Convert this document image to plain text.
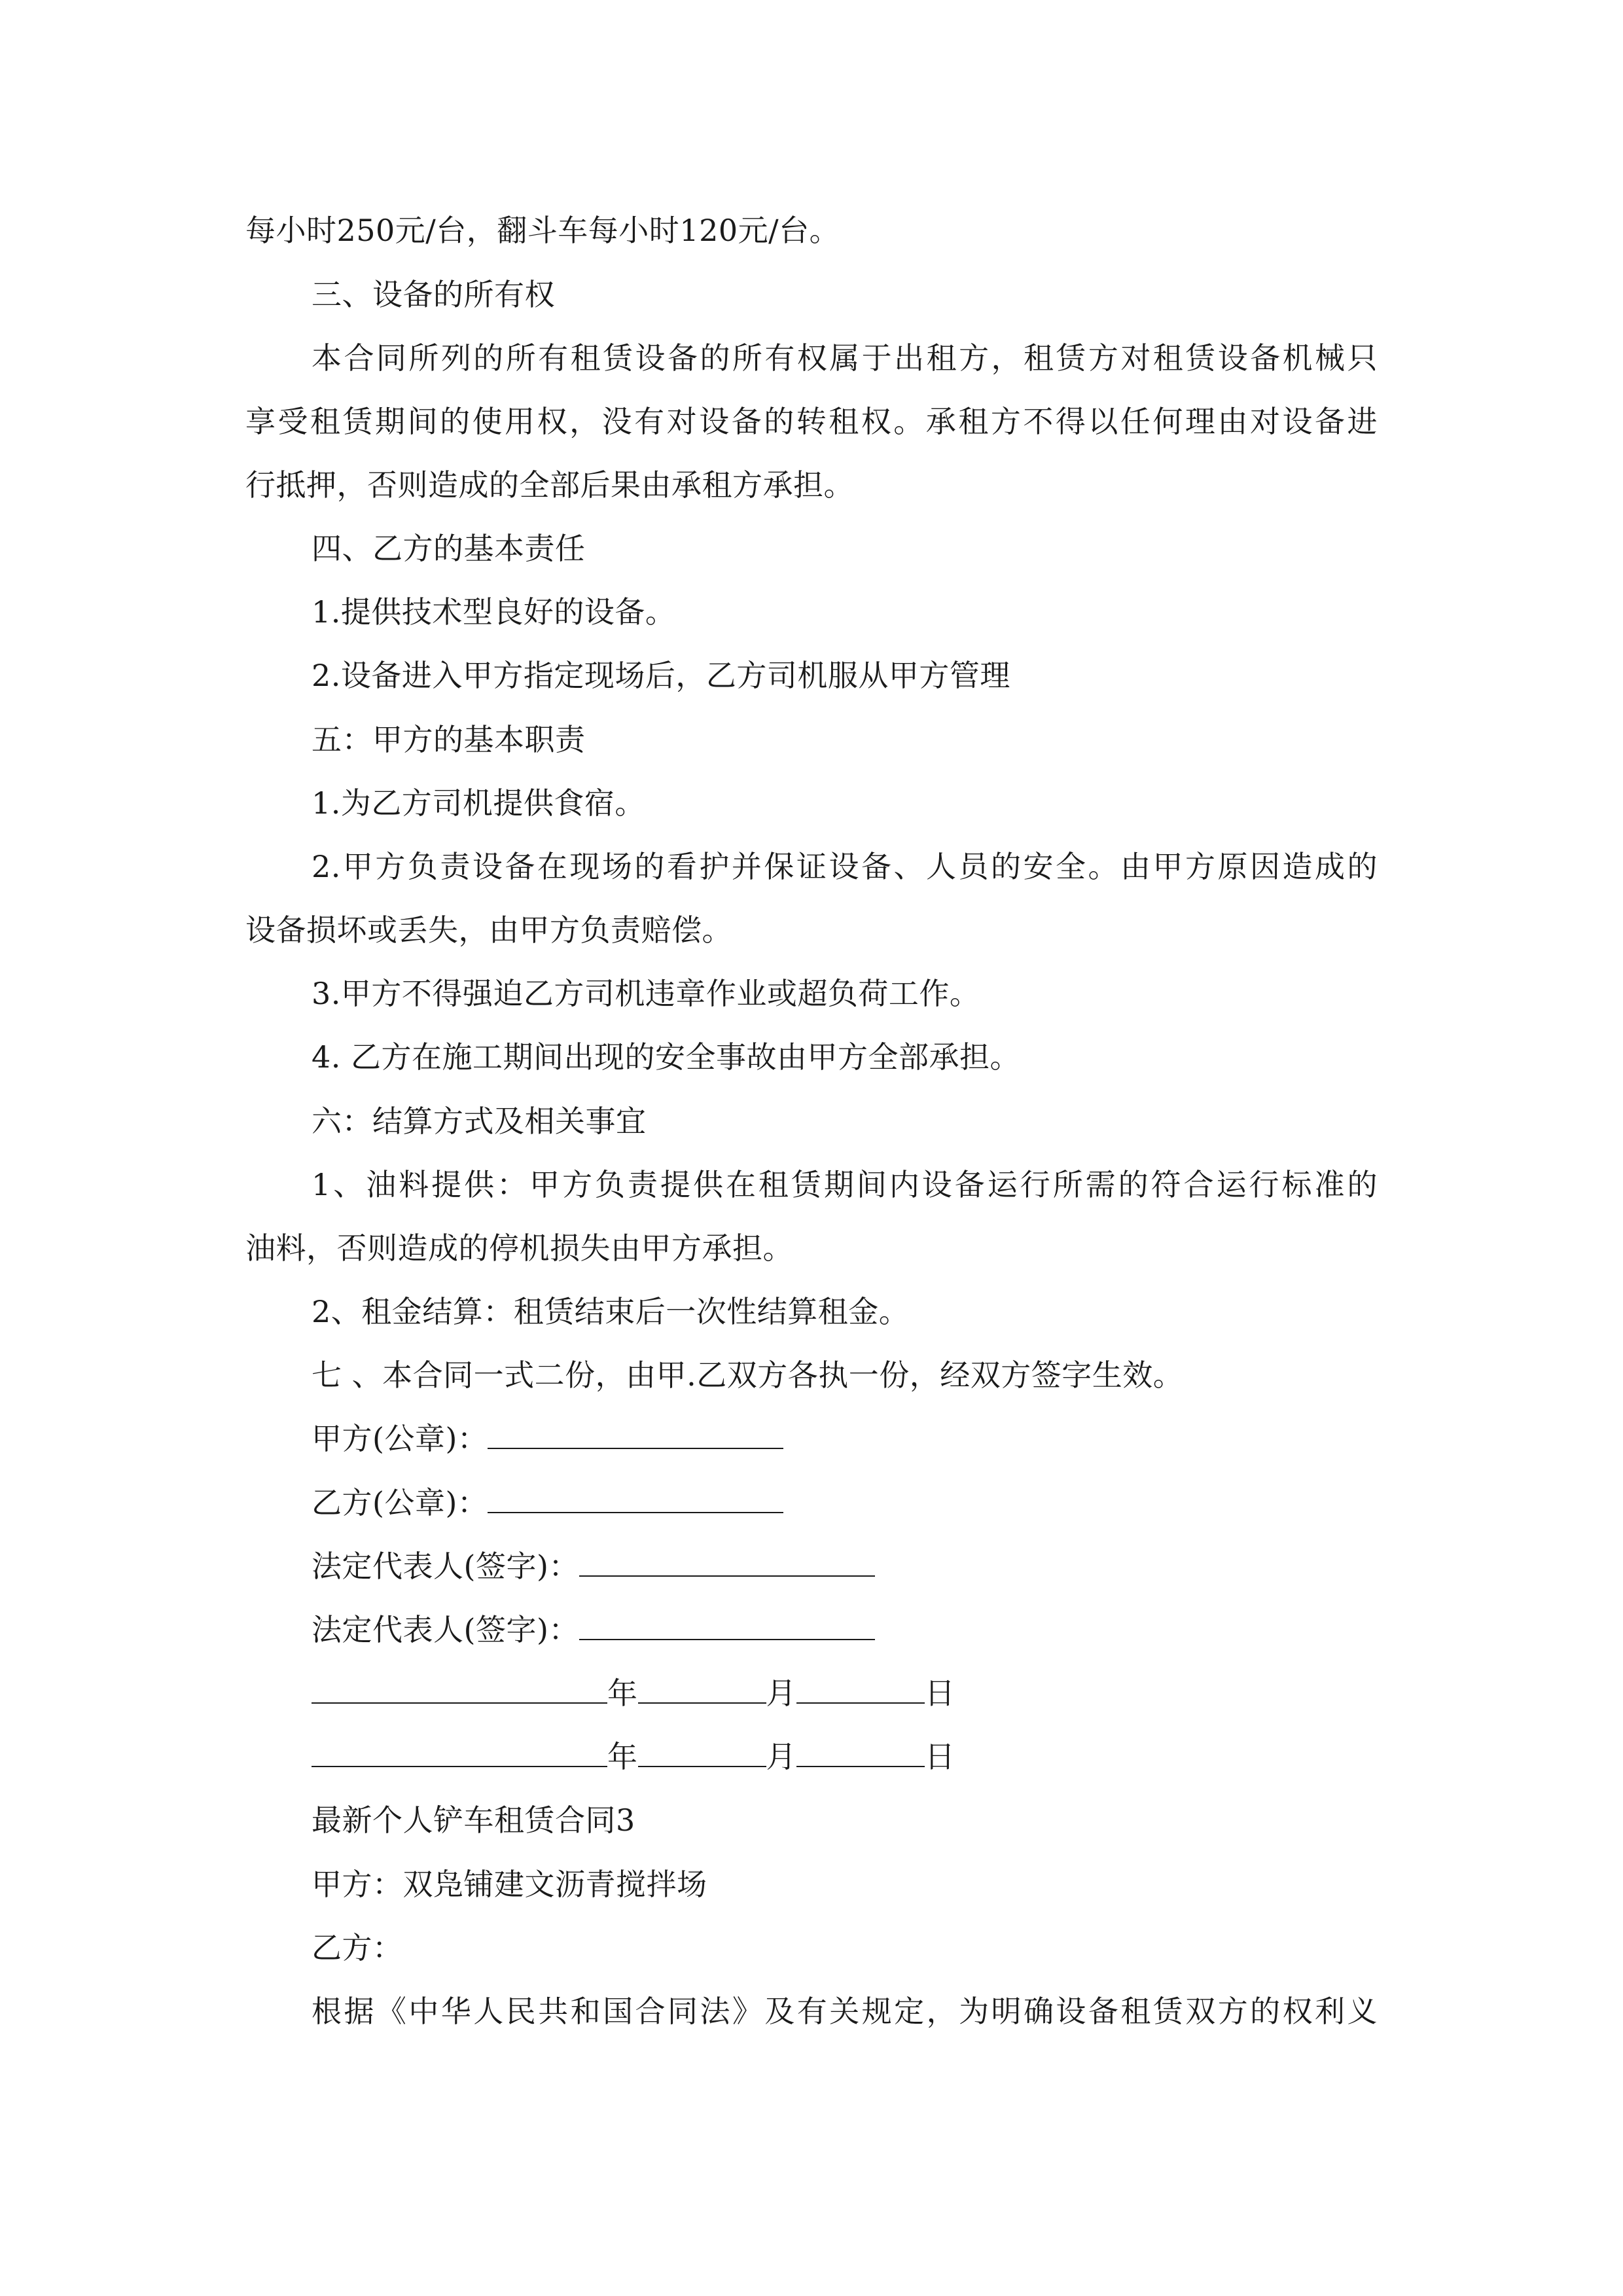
每小时250元/台，翻斗车每小时120元/台。
三、设备的所有权
本合同所列的所有租赁设备的所有权属于出租方，租赁方对租赁设备机械只
享受租赁期间的使用权，没有对设备的转租权。承租方不得以任何理由对设备进
行抵押，否则造成的全部后果由承租方承担。
四、乙方的基本责任
1.提供技术型良好的设备。
2.设备进入甲方指定现场后，乙方司机服从甲方管理
五：甲方的基本职责
1.为乙方司机提供食宿。
2.甲方负责设备在现场的看护并保证设备、人员的安全。由甲方原因造成的
设备损坏或丢失，由甲方负责赔偿。
3.甲方不得强迫乙方司机违章作业或超负荷工作。
4. 乙方在施工期间出现的安全事故由甲方全部承担。
六：结算方式及相关事宜
1、油料提供：甲方负责提供在租赁期间内设备运行所需的符合运行标准的
油料，否则造成的停机损失由甲方承担。
2、租金结算：租赁结束后一次性结算租金。
七 、本合同一式二份，由甲.乙双方各执一份，经双方签字生效。
甲方(公章)：
乙方(公章)：
法定代表人(签字)：
法定代表人(签字)：
年	月	日
年	月	日
最新个人铲车租赁合同3
甲方：双凫铺建文沥青搅拌场
乙方：
根据《中华人民共和国合同法》及有关规定，为明确设备租赁双方的权利义
